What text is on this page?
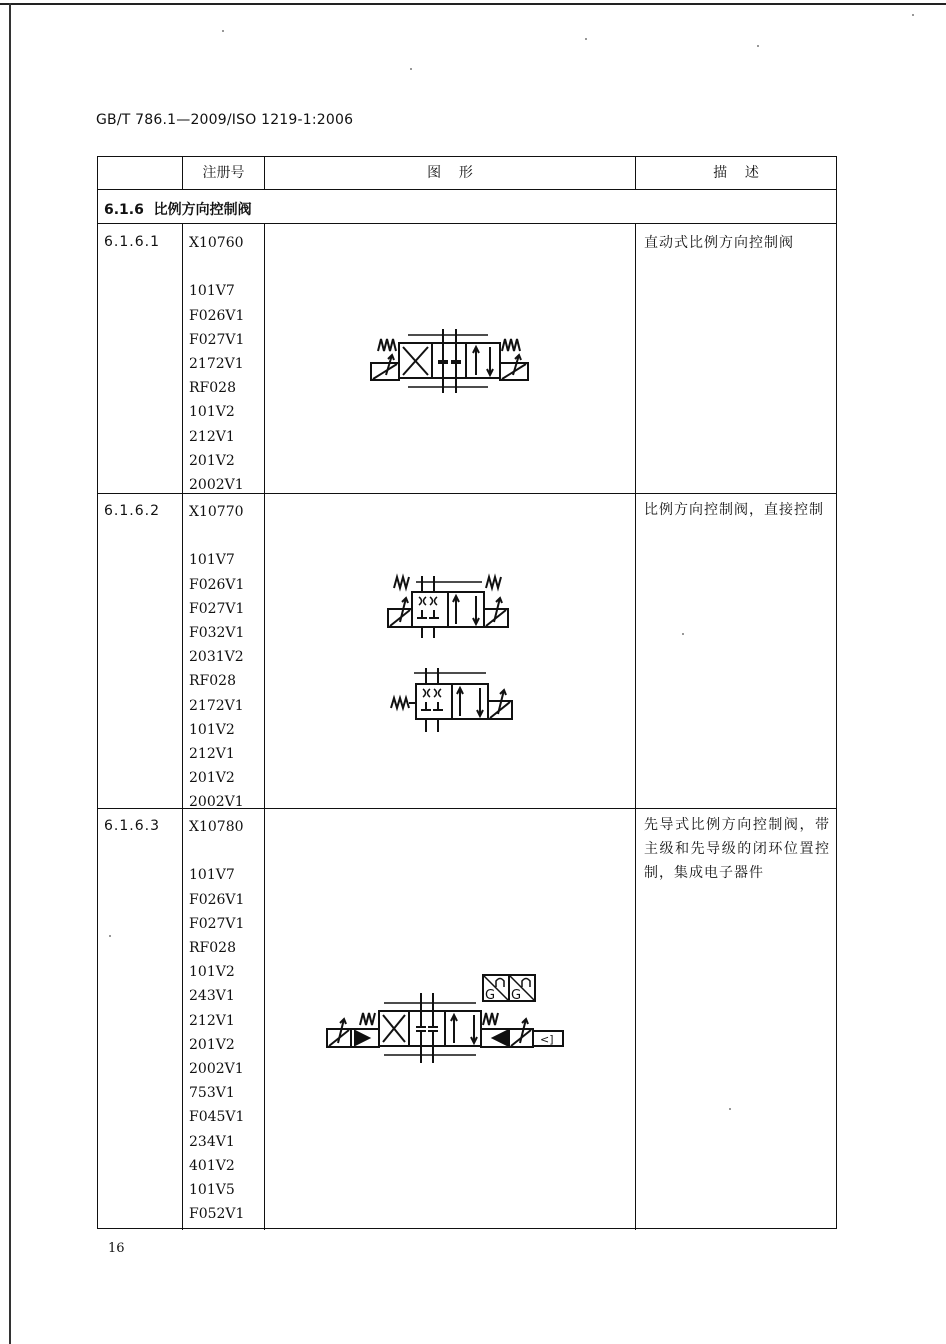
GB/T 786.1—2009/ISO 1219-1:2006
注册号	图    形	描    述
6.1.6  比例方向控制阀
6.1.6.1 X10760

101V7
F026V1
F027V1
2172V1
RF028
101V2
212V1
201V2
2002V1
直动式比例方向控制阀
6.1.6.2 X10770

101V7
F026V1
F027V1
F032V1
2031V2
RF028
2172V1
101V2
212V1
201V2
2002V1
比例方向控制阀，直接控制
6.1.6.3 X10780

101V7
F026V1
F027V1
RF028
101V2
243V1
212V1
201V2
2002V1
753V1
F045V1
234V1
401V2
101V5
F052V1
先导式比例方向控制阀，带主级和先导级的闭环位置控制，集成电子器件
<]
G G
16
